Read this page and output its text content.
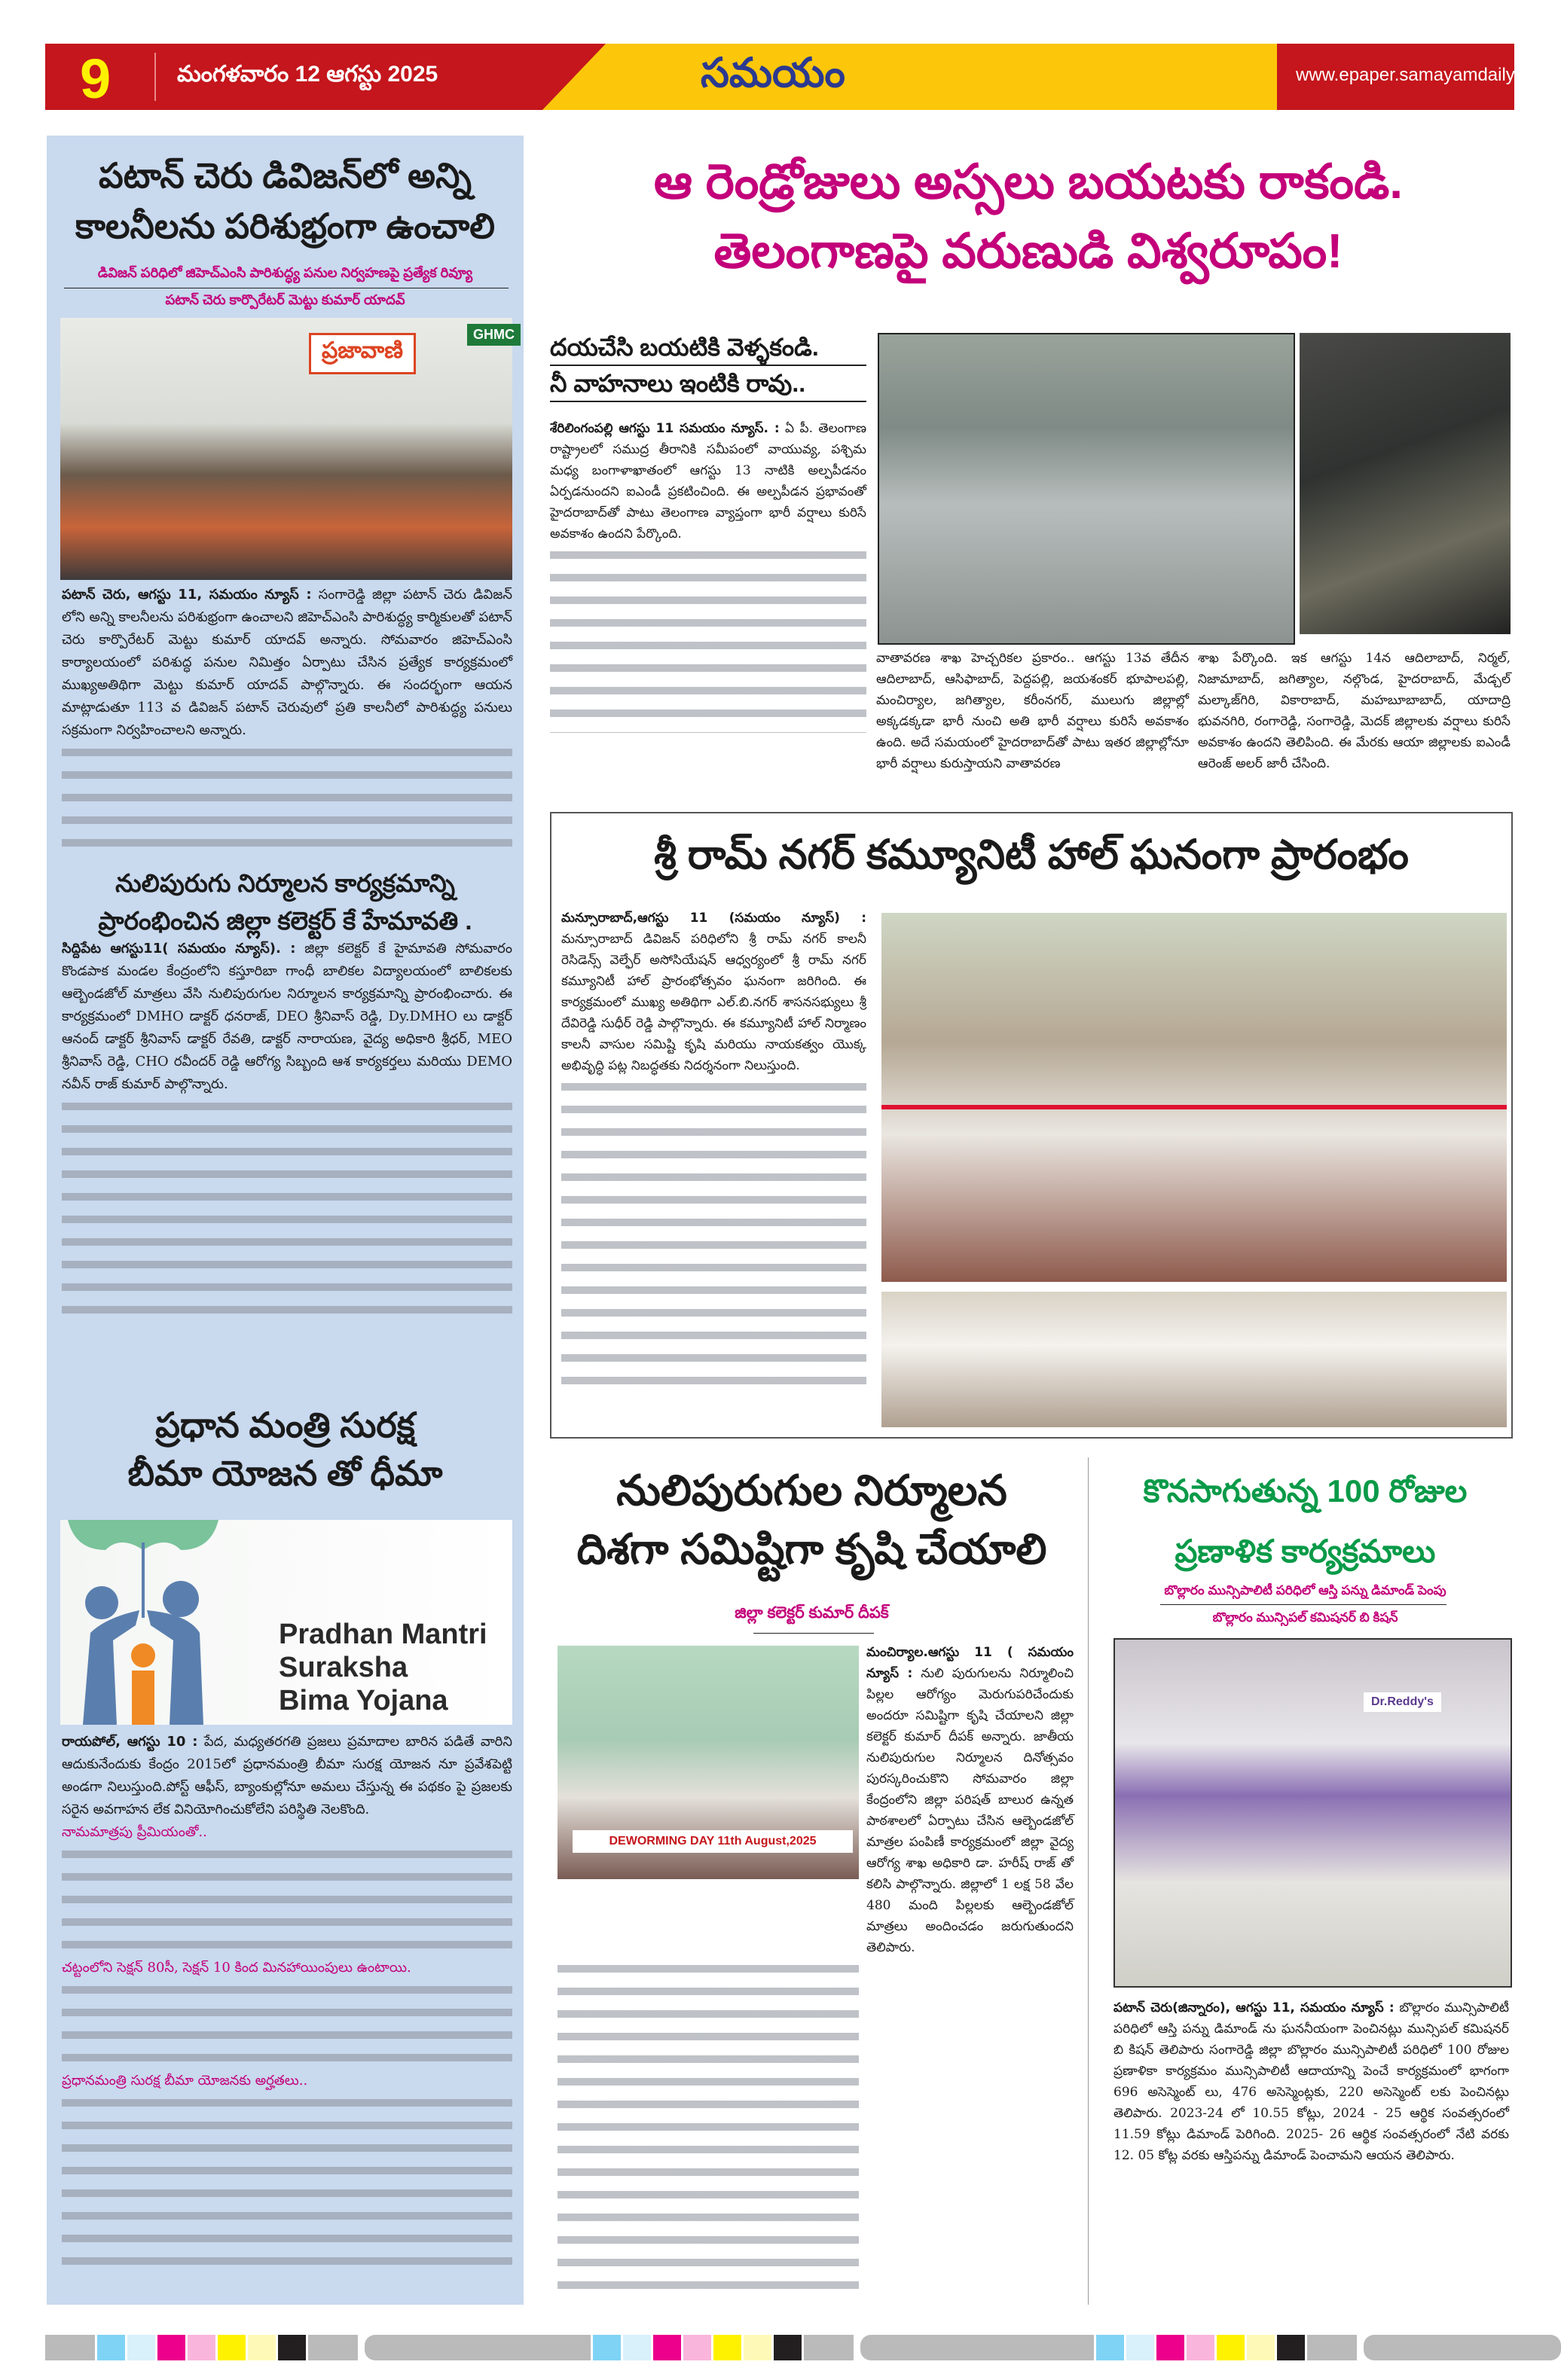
9	మంగళవారం 12 ఆగస్టు 2025	సమయం	www.epaper.samayamdaily.net
పటాన్ చెరు డివిజన్‌లో అన్ని
కాలనీలను పరిశుభ్రంగా ఉంచాలి
డివిజన్ పరిధిలో జిహెచ్ఎంసి పారిశుద్ధ్య పనుల నిర్వహణపై ప్రత్యేక రివ్యూ
పటాన్ చెరు కార్పొరేటర్ మెట్టు కుమార్ యాదవ్
ప్రజావాణి
GHMC
పటాన్ చెరు, ఆగస్టు 11, సమయం న్యూస్ : సంగారెడ్డి జిల్లా పటాన్ చెరు డివిజన్ లోని అన్ని కాలనీలను పరిశుభ్రంగా ఉంచాలని జిహెచ్ఎంసి పారిశుద్ధ్య కార్మికులతో పటాన్ చెరు కార్పొరేటర్ మెట్టు కుమార్ యాదవ్ అన్నారు. సోమవారం జిహెచ్ఎంసి కార్యాలయంలో పరిశుద్ధ పనుల నిమిత్తం ఏర్పాటు చేసిన ప్రత్యేక కార్యక్రమంలో ముఖ్యఅతిథిగా మెట్టు కుమార్ యాదవ్ పాల్గొన్నారు. ఈ సందర్భంగా ఆయన మాట్లాడుతూ 113 వ డివిజన్ పటాన్ చెరువులో ప్రతి కాలనీలో పారిశుద్ధ్య పనులు సక్రమంగా నిర్వహించాలని అన్నారు.
నులిపురుగు నిర్మూలన కార్యక్రమాన్ని
ప్రారంభించిన జిల్లా కలెక్టర్ కే హేమావతి .
సిద్దిపేట ఆగస్టు11( సమయం న్యూస్). : జిల్లా కలెక్టర్ కే హైమావతి సోమవారం కొండపాక మండల కేంద్రంలోని కస్తూరిబా గాంధీ బాలికల విద్యాలయంలో బాలికలకు ఆల్బెండజోల్ మాత్రలు వేసి నులిపురుగుల నిర్మూలన కార్యక్రమాన్ని ప్రారంభించారు. ఈ కార్యక్రమంలో DMHO డాక్టర్ ధనరాజ్, DEO శ్రీనివాస్ రెడ్డి, Dy.DMHO లు డాక్టర్ ఆనంద్ డాక్టర్ శ్రీనివాస్ డాక్టర్ రేవతి, డాక్టర్ నారాయణ, వైద్య అధికారి శ్రీధర్, MEO శ్రీనివాస్ రెడ్డి, CHO రవీందర్ రెడ్డి ఆరోగ్య సిబ్బంది ఆశ కార్యకర్తలు మరియు DEMO నవీన్ రాజ్ కుమార్ పాల్గొన్నారు.
ప్రధాన మంత్రి సురక్ష
బీమా యోజన తో ధీమా
Pradhan Mantri
Suraksha
Bima Yojana
రాయపోల్, ఆగస్టు 10 : పేద, మధ్యతరగతి ప్రజలు ప్రమాదాల బారిన పడితే వారిని ఆదుకునేందుకు కేంద్రం 2015లో ప్రధానమంత్రి బీమా సురక్ష యోజన నూ ప్రవేశపెట్టి అండగా నిలుస్తుంది.పోస్ట్ ఆఫీస్, బ్యాంకుల్లోనూ అమలు చేస్తున్న ఈ పథకం పై ప్రజలకు సరైన అవగాహన లేక వినియోగించుకోలేని పరిస్థితి నెలకొంది.
నామమాత్రపు ప్రీమియంతో..
చట్టంలోని సెక్షన్ 80సీ, సెక్షన్ 10 కింద మినహాయింపులు ఉంటాయి.
ప్రధానమంత్రి సురక్ష బీమా యోజనకు అర్హతలు..
ఆ రెండ్రోజులు అస్సలు బయటకు రాకండి.
తెలంగాణపై వరుణుడి విశ్వరూపం!
దయచేసి బయటికి వెళ్ళకండి.
నీ వాహనాలు ఇంటికి రావు..
శేరిలింగంపల్లి ఆగస్టు 11 సమయం న్యూస్. : ఏ పీ. తెలంగాణ రాష్ట్రాలలో సముద్ర తీరానికి సమీపంలో వాయువ్య, పశ్చిమ మధ్య బంగాళాఖాతంలో ఆగస్టు 13 నాటికి అల్పపీడనం ఏర్పడనుందని ఐఎండీ ప్రకటించింది. ఈ అల్పపీడన ప్రభావంతో హైదరాబాద్‌తో పాటు తెలంగాణ వ్యాప్తంగా భారీ వర్షాలు కురిసే అవకాశం ఉందని పేర్కొంది.
వాతావరణ శాఖ హెచ్చరికల ప్రకారం.. ఆగస్టు 13వ తేదీన ఆదిలాబాద్, ఆసిఫాబాద్, పెద్దపల్లి, జయశంకర్ భూపాలపల్లి, మంచిర్యాల, జగిత్యాల, కరీంనగర్, ములుగు జిల్లాల్లో అక్కడక్కడా భారీ నుంచి అతి భారీ వర్షాలు కురిసే అవకాశం ఉంది. అదే సమయంలో హైదరాబాద్‌తో పాటు ఇతర జిల్లాల్లోనూ భారీ వర్షాలు కురుస్తాయని వాతావరణ
శాఖ పేర్కొంది. ఇక ఆగస్టు 14న ఆదిలాబాద్, నిర్మల్, నిజామాబాద్, జగిత్యాల, నల్గొండ, హైదరాబాద్, మేడ్చల్ మల్కాజ్‌గిరి, వికారాబాద్, మహబూబాబాద్, యాదాద్రి భువనగిరి, రంగారెడ్డి, సంగారెడ్డి, మెదక్ జిల్లాలకు వర్షాలు కురిసే అవకాశం ఉందని తెలిపింది. ఈ మేరకు ఆయా జిల్లాలకు ఐఎండీ ఆరెంజ్ అలర్ జారీ చేసింది.
శ్రీ రామ్ నగర్ కమ్యూనిటీ హాల్ ఘనంగా ప్రారంభం
మన్సూరాబాద్,ఆగస్టు 11 (సమయం న్యూస్) : మన్సూరాబాద్ డివిజన్ పరిధిలోని శ్రీ రామ్ నగర్ కాలనీ రెసిడెన్స్ వెల్ఫేర్ అసోసియేషన్ ఆధ్వర్యంలో శ్రీ రామ్ నగర్ కమ్యూనిటీ హాల్ ప్రారంభోత్సవం ఘనంగా జరిగింది. ఈ కార్యక్రమంలో ముఖ్య అతిథిగా ఎల్.బి.నగర్ శాసనసభ్యులు శ్రీ దేవిరెడ్డి సుధీర్ రెడ్డి పాల్గొన్నారు. ఈ కమ్యూనిటీ హాల్ నిర్మాణం కాలనీ వాసుల సమిష్టి కృషి మరియు నాయకత్వం యొక్క అభివృద్ధి పట్ల నిబద్ధతకు నిదర్శనంగా నిలుస్తుంది.
నులిపురుగుల నిర్మూలన
దిశగా సమిష్టిగా కృషి చేయాలి
జిల్లా కలెక్టర్ కుమార్ దీపక్
DEWORMING DAY 11th August,2025
మంచిర్యాల.ఆగస్టు 11 ( సమయం న్యూస్ : నులి పురుగులను నిర్మూలించి పిల్లల ఆరోగ్యం మెరుగుపరిచేందుకు అందరూ సమిష్టిగా కృషి చేయాలని జిల్లా కలెక్టర్ కుమార్ దీపక్ అన్నారు. జాతీయ నులిపురుగుల నిర్మూలన దినోత్సవం పురస్కరించుకొని సోమవారం జిల్లా కేంద్రంలోని జిల్లా పరిషత్ బాలుర ఉన్నత పాఠశాలలో ఏర్పాటు చేసిన ఆల్బెండజోల్ మాత్రల పంపిణీ కార్యక్రమంలో జిల్లా వైద్య ఆరోగ్య శాఖ అధికారి డా. హరీష్ రాజ్ తో కలిసి పాల్గొన్నారు. జిల్లాలో 1 లక్ష 58 వేల 480 మంది పిల్లలకు ఆల్బెండజోల్ మాత్రలు అందించడం జరుగుతుందని తెలిపారు.
కొనసాగుతున్న 100 రోజుల
ప్రణాళిక కార్యక్రమాలు
బొల్లారం మున్సిపాలిటీ పరిధిలో ఆస్తి పన్ను డిమాండ్ పెంపు
బొల్లారం మున్సిపల్ కమిషనర్ బి కిషన్
Dr.Reddy's
పటాన్ చెరు(జిన్నారం), ఆగస్టు 11, సమయం న్యూస్ : బొల్లారం మున్సిపాలిటీ పరిధిలో ఆస్తి పన్ను డిమాండ్ ను ఘననీయంగా పెంచినట్లు మున్సిపల్ కమిషనర్ బి కిషన్ తెలిపారు సంగారెడ్డి జిల్లా బొల్లారం మున్సిపాలిటీ పరిధిలో 100 రోజుల ప్రణాళికా కార్యక్రమం మున్సిపాలిటీ ఆదాయాన్ని పెంచే కార్యక్రమంలో భాగంగా 696 అసెస్మెంట్ లు, 476 అసెస్మెంట్లకు, 220 అసెస్మెంట్ లకు పెంచినట్లు తెలిపారు. 2023-24 లో 10.55 కోట్లు, 2024 - 25 ఆర్థిక సంవత్సరంలో 11.59 కోట్లు డిమాండ్ పెరిగింది. 2025- 26 ఆర్థిక సంవత్సరంలో నేటి వరకు 12. 05 కోట్ల వరకు ఆస్తిపన్ను డిమాండ్ పెంచామని ఆయన తెలిపారు.
